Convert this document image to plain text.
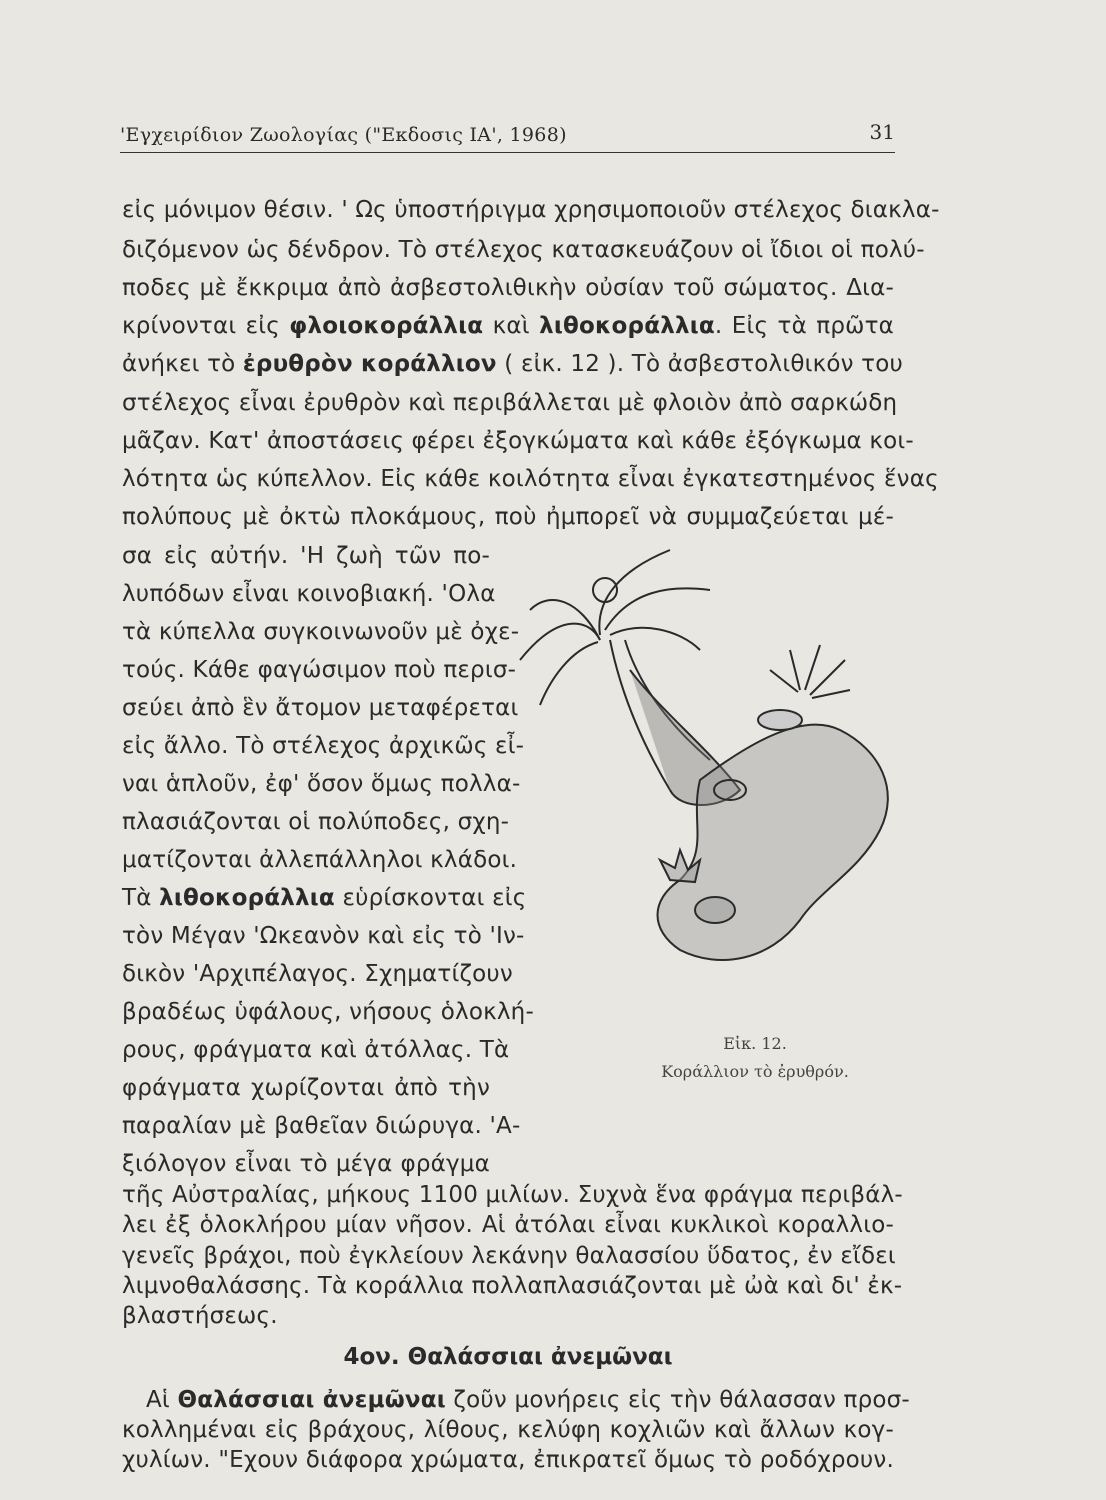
'Εγχειρίδιον Ζωολογίας ("Εκδοσις ΙΑ', 1968)	31
εἰς μόνιμον θέσιν. ' Ως ὑποστήριγμα χρησιμοποιοῦν στέλεχος διακλα-
διζόμενον ὡς δένδρον. Τὸ στέλεχος κατασκευάζουν οἱ ἴδιοι οἱ πολύ-
ποδες μὲ ἔκκριμα ἀπὸ ἀσβεστολιθικὴν οὐσίαν τοῦ σώματος. Δια-
κρίνονται εἰς φλοιοκοράλλια καὶ λιθοκοράλλια. Εἰς τὰ πρῶτα
ἀνήκει τὸ ἐρυθρὸν κοράλλιον ( εἰκ. 12 ). Τὸ ἀσβεστολιθικόν του
στέλεχος εἶναι ἐρυθρὸν καὶ περιβάλλεται μὲ φλοιὸν ἀπὸ σαρκώδη
μᾶζαν. Κατ' ἀποστάσεις φέρει ἐξογκώματα καὶ κάθε ἐξόγκωμα κοι-
λότητα ὡς κύπελλον. Εἰς κάθε κοιλότητα εἶναι ἐγκατεστημένος ἕνας
πολύπους μὲ ὀκτὼ πλοκάμους, ποὺ ἠμπορεῖ νὰ συμμαζεύεται μέ-
σα εἰς αὐτήν. 'Η ζωὴ τῶν πο-
λυπόδων εἶναι κοινοβιακή. 'Ολα
τὰ κύπελλα συγκοινωνοῦν μὲ ὀχε-
τούς. Κάθε φαγώσιμον ποὺ περισ-
σεύει ἀπὸ ἓν ἄτομον μεταφέρεται
εἰς ἄλλο. Τὸ στέλεχος ἀρχικῶς εἶ-
ναι ἁπλοῦν, ἐφ' ὅσον ὅμως πολλα-
πλασιάζονται οἱ πολύποδες, σχη-
ματίζονται ἀλλεπάλληλοι κλάδοι.
Τὰ λιθοκοράλλια εὑρίσκονται εἰς
τὸν Μέγαν 'Ωκεανὸν καὶ εἰς τὸ 'Ιν-
δικὸν 'Αρχιπέλαγος. Σχηματίζουν
βραδέως ὑφάλους, νήσους ὁλοκλή-
ρους, φράγματα καὶ ἀτόλλας. Τὰ
φράγματα χωρίζονται ἀπὸ τὴν
παραλίαν μὲ βαθεῖαν διώρυγα. 'Α-
ξιόλογον εἶναι τὸ μέγα φράγμα
τῆς Αὐστραλίας, μήκους 1100 μιλίων. Συχνὰ ἕνα φράγμα περιβάλ-
λει ἐξ ὁλοκλήρου μίαν νῆσον. Αἱ ἀτόλαι εἶναι κυκλικοὶ κοραλλιο-
γενεῖς βράχοι, ποὺ ἐγκλείουν λεκάνην θαλασσίου ὕδατος, ἐν εἴδει
Εἰκ. 12.
Κοράλλιον τὸ ἐρυθρόν.
λιμνοθαλάσσης. Τὰ κοράλλια πολλαπλασιάζονται μὲ ὠὰ καὶ δι' ἐκ-
βλαστήσεως.
4ον. Θαλάσσιαι ἀνεμῶναι
Αἱ Θαλάσσιαι ἀνεμῶναι ζοῦν μονήρεις εἰς τὴν θάλασσαν προσ-
κολλημέναι εἰς βράχους, λίθους, κελύφη κοχλιῶν καὶ ἄλλων κογ-
χυλίων. "Εχουν διάφορα χρώματα, ἐπικρατεῖ ὅμως τὸ ροδόχρουν.
